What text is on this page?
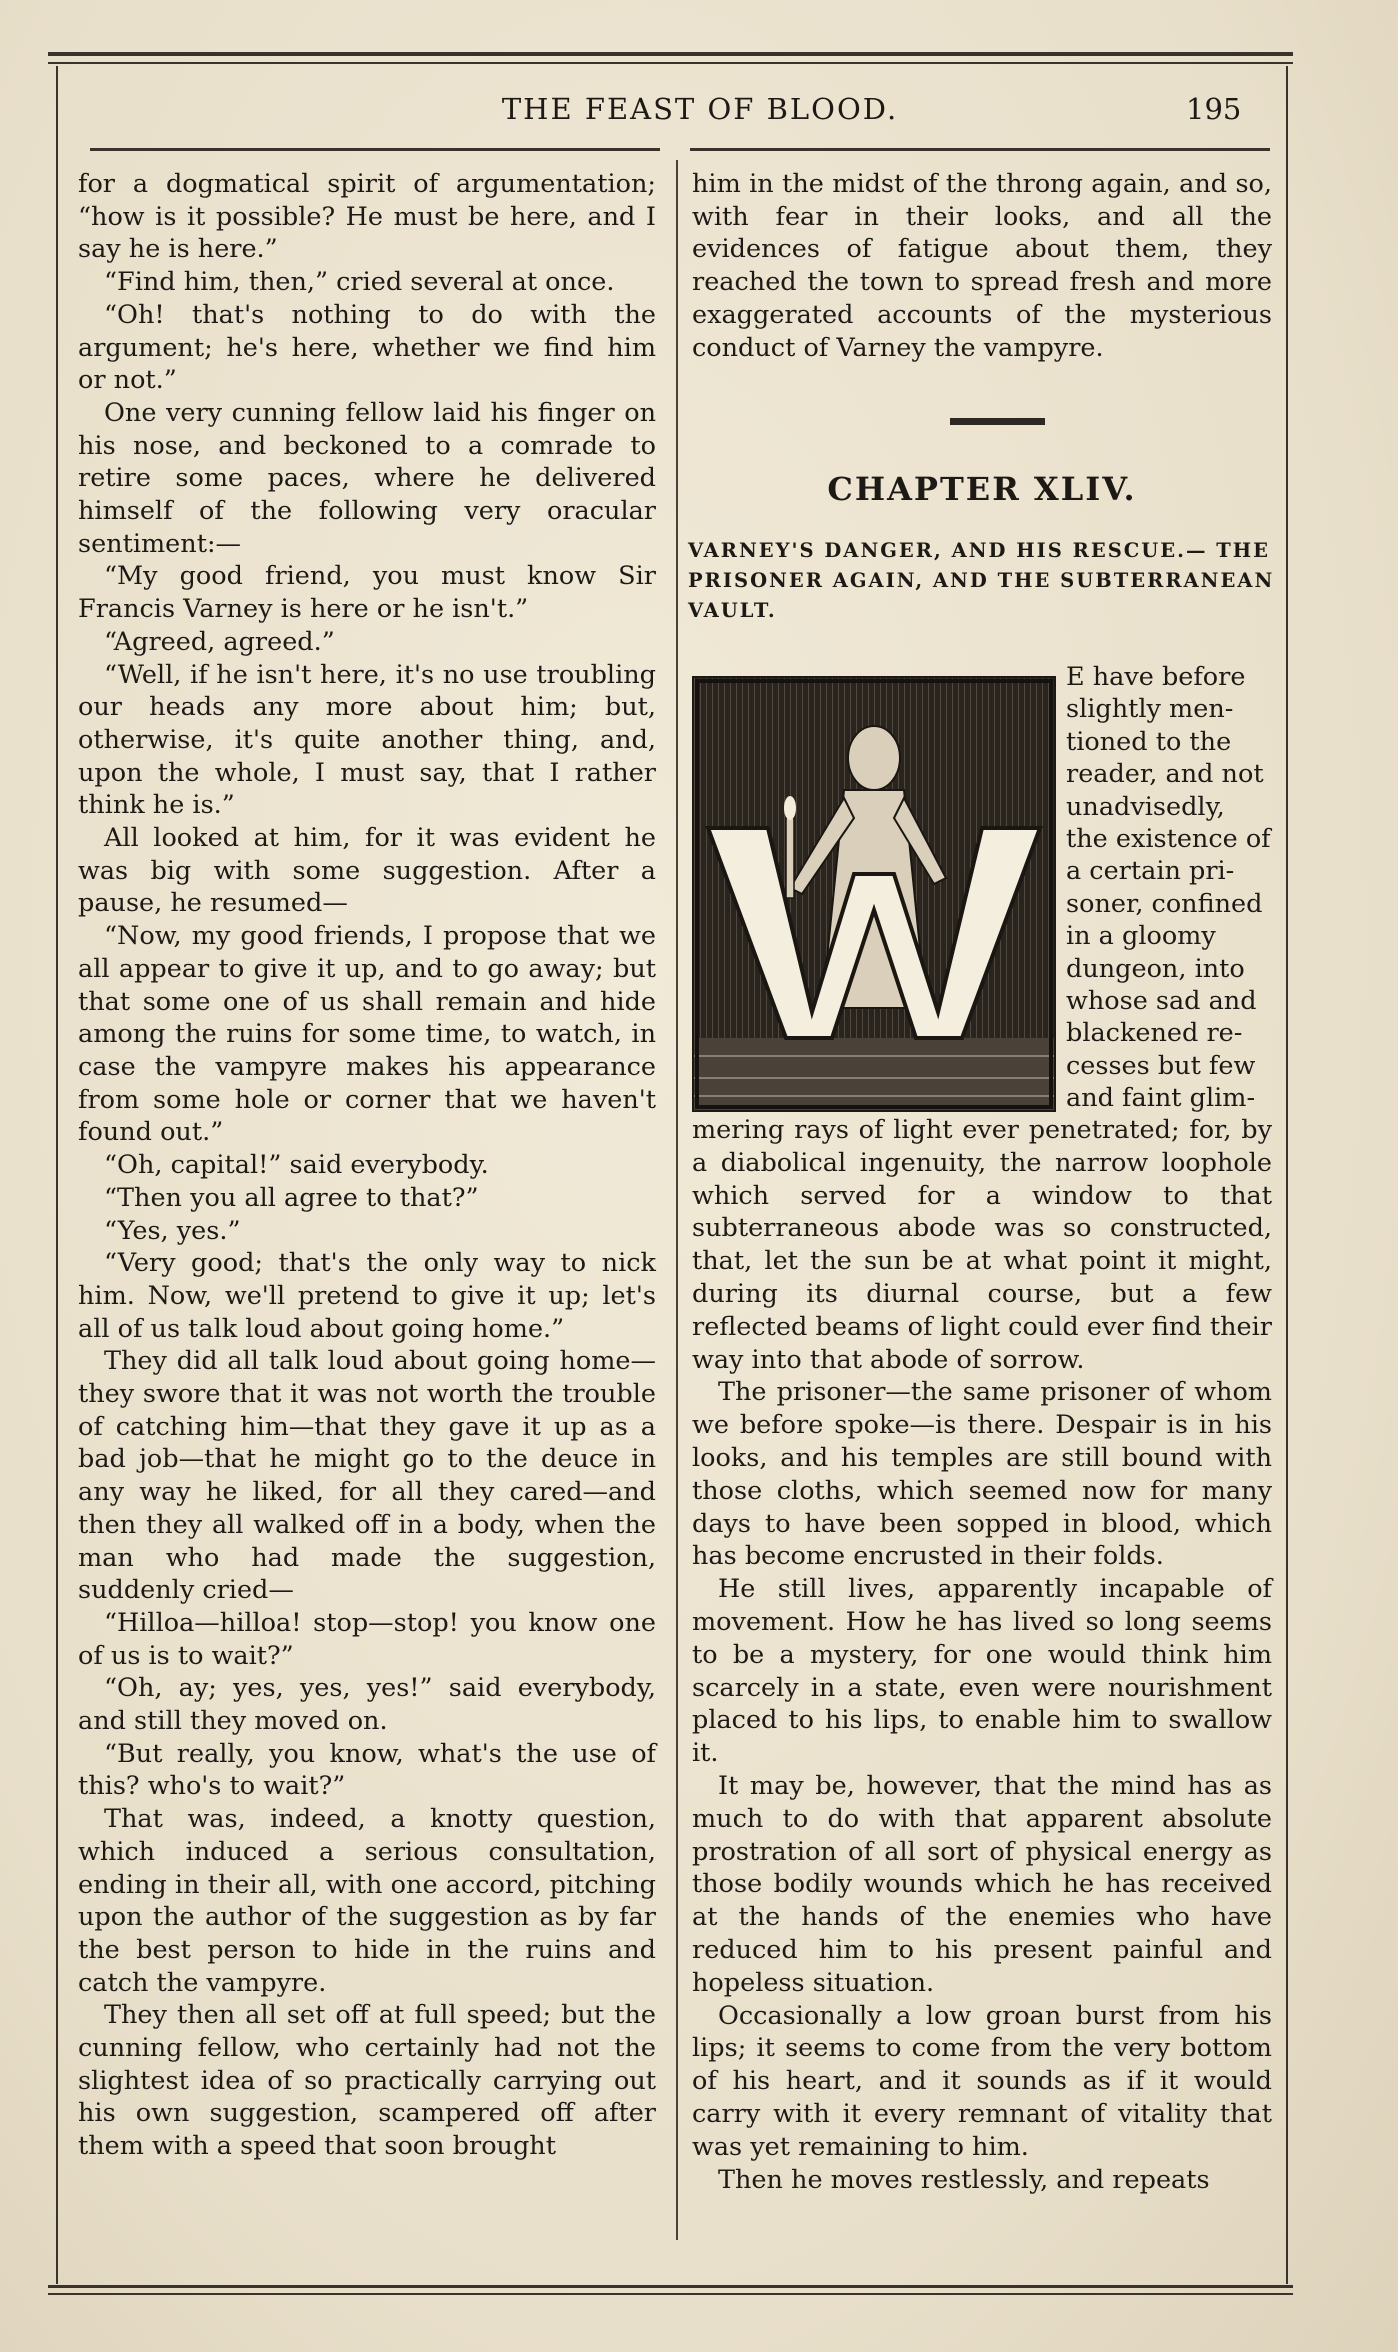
THE FEAST OF BLOOD.	195

for a dogmatical spirit of argumentation; “how is it possible? He must be here, and I say he is here.”

“Find him, then,” cried several at once.

“Oh! that's nothing to do with the argument; he's here, whether we find him or not.”

One very cunning fellow laid his finger on his nose, and beckoned to a comrade to retire some paces, where he delivered himself of the following very oracular sentiment:—

“My good friend, you must know Sir Francis Varney is here or he isn't.”

“Agreed, agreed.”

“Well, if he isn't here, it's no use troubling our heads any more about him; but, otherwise, it's quite another thing, and, upon the whole, I must say, that I rather think he is.”

All looked at him, for it was evident he was big with some suggestion. After a pause, he resumed—

“Now, my good friends, I propose that we all appear to give it up, and to go away; but that some one of us shall remain and hide among the ruins for some time, to watch, in case the vampyre makes his appearance from some hole or corner that we haven't found out.”

“Oh, capital!” said everybody.

“Then you all agree to that?”

“Yes, yes.”

“Very good; that's the only way to nick him. Now, we'll pretend to give it up; let's all of us talk loud about going home.”

They did all talk loud about going home—they swore that it was not worth the trouble of catching him—that they gave it up as a bad job—that he might go to the deuce in any way he liked, for all they cared—and then they all walked off in a body, when the man who had made the suggestion, suddenly cried—

“Hilloa—hilloa! stop—stop! you know one of us is to wait?”

“Oh, ay; yes, yes, yes!” said everybody, and still they moved on.

“But really, you know, what's the use of this? who's to wait?”

That was, indeed, a knotty question, which induced a serious consultation, ending in their all, with one accord, pitching upon the author of the suggestion as by far the best person to hide in the ruins and catch the vampyre.

They then all set off at full speed; but the cunning fellow, who certainly had not the slightest idea of so practically carrying out his own suggestion, scampered off after them with a speed that soon brought

him in the midst of the throng again, and so, with fear in their looks, and all the evidences of fatigue about them, they reached the town to spread fresh and more exaggerated accounts of the mysterious conduct of Varney the vampyre.

CHAPTER XLIV.
VARNEY'S DANGER, AND HIS RESCUE.— THE PRISONER AGAIN, AND THE SUBTERRANEAN VAULT.

E have before

slightly men-

tioned to the

reader, and not

unadvisedly,

the existence of

a certain pri-

soner, confined

in a gloomy

dungeon, into

whose sad and

blackened re-

cesses but few

and faint glim-

mering rays of light ever penetrated; for, by a diabolical ingenuity, the narrow loophole which served for a window to that subterraneous abode was so constructed, that, let the sun be at what point it might, during its diurnal course, but a few reflected beams of light could ever find their way into that abode of sorrow.

The prisoner—the same prisoner of whom we before spoke—is there. Despair is in his looks, and his temples are still bound with those cloths, which seemed now for many days to have been sopped in blood, which has become encrusted in their folds.

He still lives, apparently incapable of movement. How he has lived so long seems to be a mystery, for one would think him scarcely in a state, even were nourishment placed to his lips, to enable him to swallow it.

It may be, however, that the mind has as much to do with that apparent absolute prostration of all sort of physical energy as those bodily wounds which he has received at the hands of the enemies who have reduced him to his present painful and hopeless situation.

Occasionally a low groan burst from his lips; it seems to come from the very bottom of his heart, and it sounds as if it would carry with it every remnant of vitality that was yet remaining to him.

Then he moves restlessly, and repeats
